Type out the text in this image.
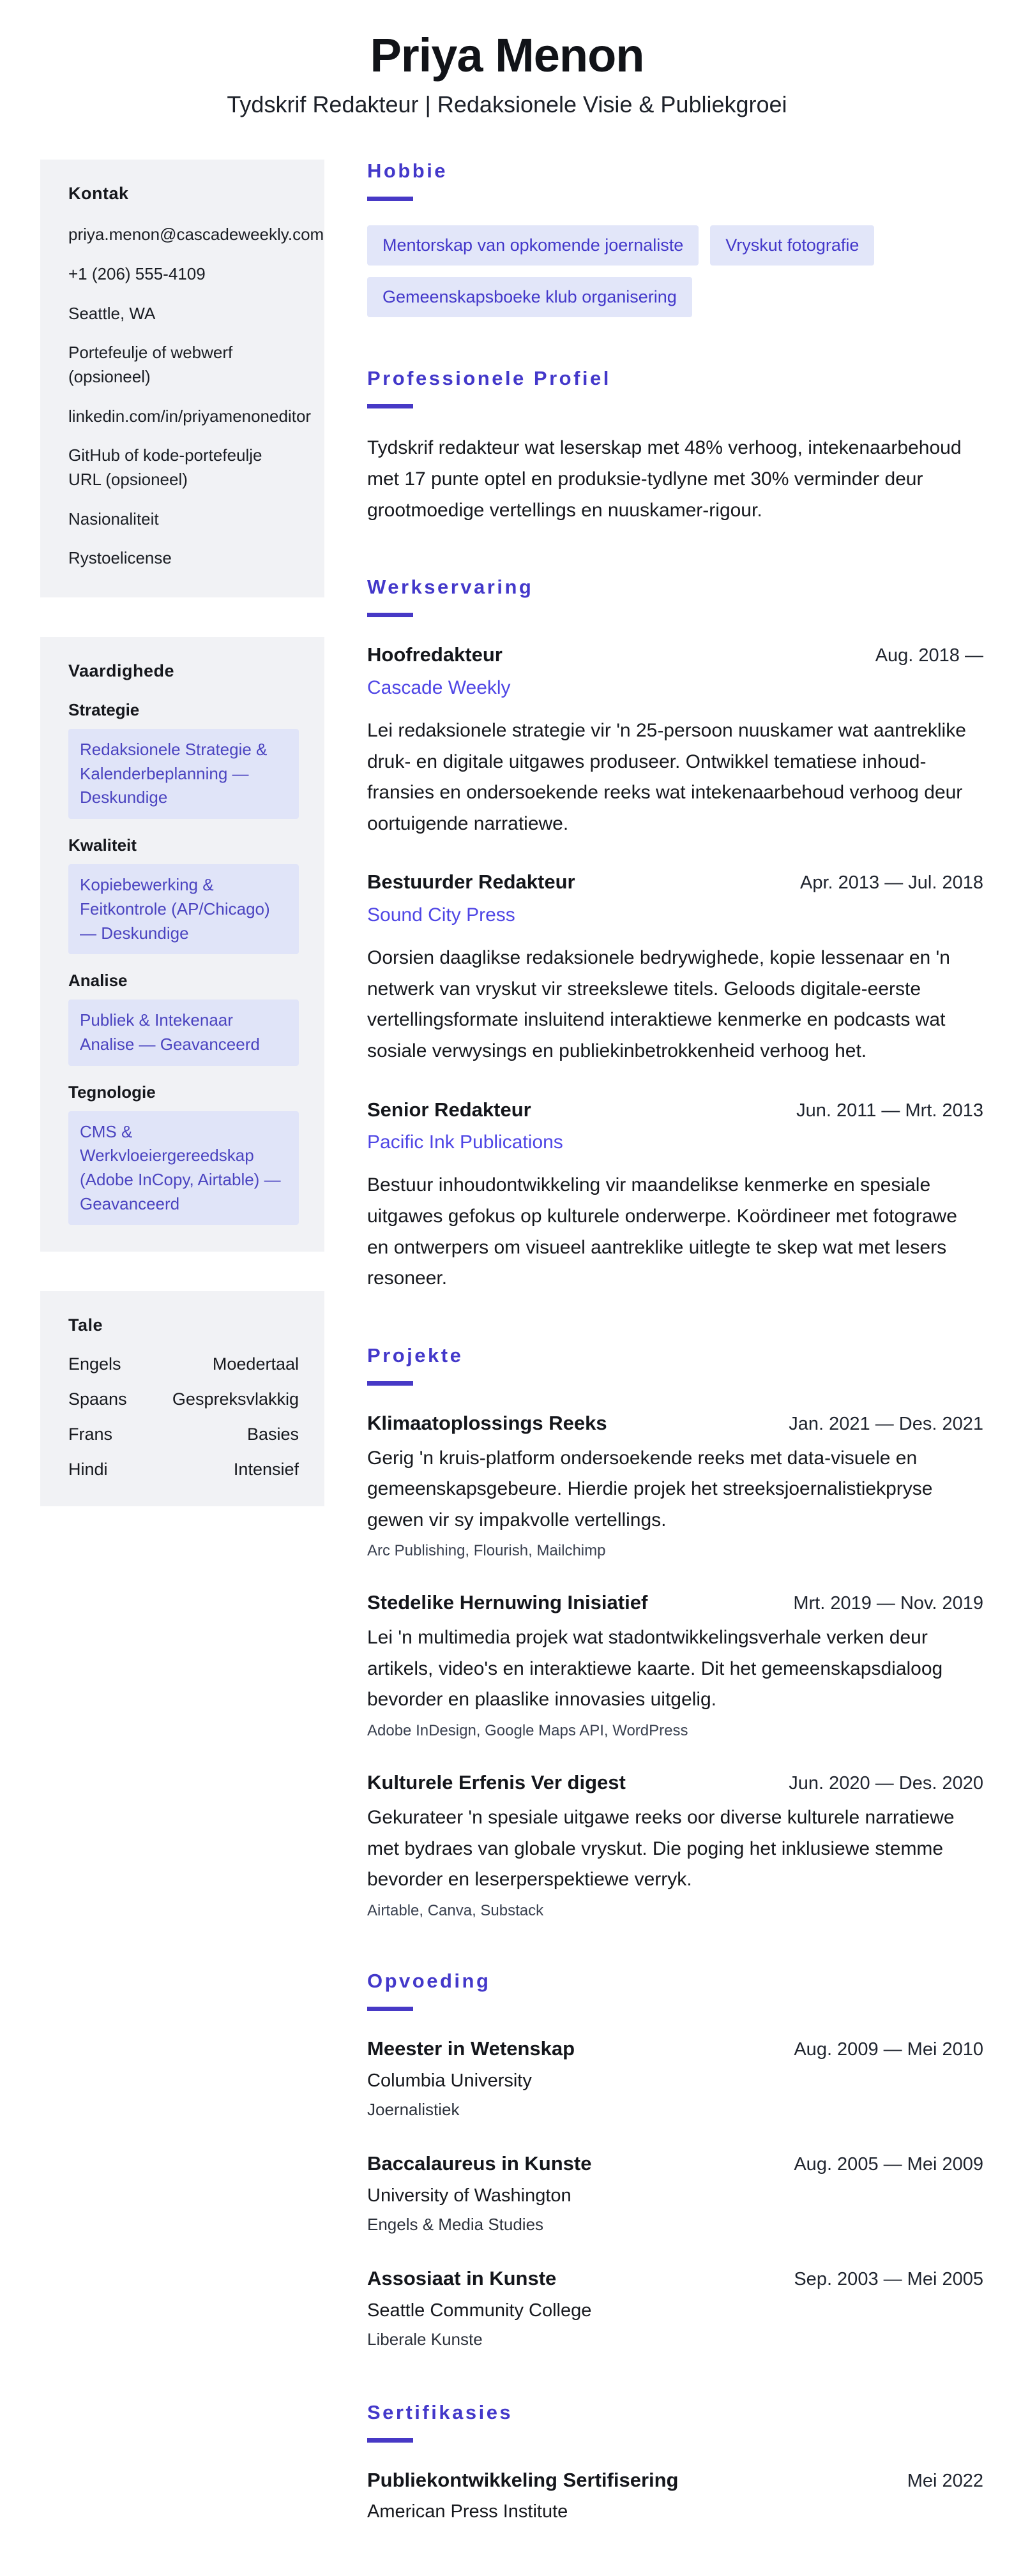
Priya Menon
Tydskrif Redakteur | Redaksionele Visie & Publiekgroei
Kontak
priya.menon@cascadeweekly.com
+1 (206) 555-4109
Seattle, WA
Portefeulje of webwerf (opsioneel)
linkedin.com/in/priyamenoneditor
GitHub of kode-portefeulje URL (opsioneel)
Nasionaliteit
Rystoelicense
Vaardighede
Strategie
Redaksionele Strategie & Kalenderbeplanning — Deskundige
Kwaliteit
Kopiebewerking & Feitkontrole (AP/Chicago) — Deskundige
Analise
Publiek & Intekenaar Analise — Geavanceerd
Tegnologie
CMS & Werkvloeiergereedskap (Adobe InCopy, Airtable) — Geavanceerd
Tale
Engels	Moedertaal
Spaans	Gespreksvlakkig
Frans	Basies
Hindi	Intensief
Hobbie
Mentorskap van opkomende joernaliste	Vryskut fotografie
Gemeenskapsboeke klub organisering
Professionele Profiel

Tydskrif redakteur wat leserskap met 48% verhoog, intekenaarbehoud met 17 punte optel en produksie-tydlyne met 30% verminder deur grootmoedige vertellings en nuuskamer-rigour.

Werkservaring
Hoofredakteur	Aug. 2018 —
Cascade Weekly

Lei redaksionele strategie vir 'n 25-persoon nuuskamer wat aantreklike druk- en digitale uitgawes produseer. Ontwikkel tematiese inhoud-fransies en ondersoekende reeks wat intekenaarbehoud verhoog deur oortuigende narratiewe.

Bestuurder Redakteur	Apr. 2013 — Jul. 2018
Sound City Press

Oorsien daaglikse redaksionele bedrywighede, kopie lessenaar en 'n netwerk van vryskut vir streekslewe titels. Geloods digitale-eerste vertellingsformate insluitend interaktiewe kenmerke en podcasts wat sosiale verwysings en publiekinbetrokkenheid verhoog het.

Senior Redakteur	Jun. 2011 — Mrt. 2013
Pacific Ink Publications

Bestuur inhoudontwikkeling vir maandelikse kenmerke en spesiale uitgawes gefokus op kulturele onderwerpe. Koördineer met fotograwe en ontwerpers om visueel aantreklike uitlegte te skep wat met lesers resoneer.

Projekte
Klimaatoplossings Reeks	Jan. 2021 — Des. 2021

Gerig 'n kruis-platform ondersoekende reeks met data-visuele en gemeenskapsgebeure. Hierdie projek het streeksjoernalistiekpryse gewen vir sy impakvolle vertellings.

Arc Publishing, Flourish, Mailchimp
Stedelike Hernuwing Inisiatief	Mrt. 2019 — Nov. 2019

Lei 'n multimedia projek wat stadontwikkelingsverhale verken deur artikels, video's en interaktiewe kaarte. Dit het gemeenskapsdialoog bevorder en plaaslike innovasies uitgelig.

Adobe InDesign, Google Maps API, WordPress
Kulturele Erfenis Ver digest	Jun. 2020 — Des. 2020

Gekurateer 'n spesiale uitgawe reeks oor diverse kulturele narratiewe met bydraes van globale vryskut. Die poging het inklusiewe stemme bevorder en leserperspektiewe verryk.

Airtable, Canva, Substack
Opvoeding
Meester in Wetenskap	Aug. 2009 — Mei 2010
Columbia University
Joernalistiek
Baccalaureus in Kunste	Aug. 2005 — Mei 2009
University of Washington
Engels & Media Studies
Assosiaat in Kunste	Sep. 2003 — Mei 2005
Seattle Community College
Liberale Kunste
Sertifikasies
Publiekontwikkeling Sertifisering	Mei 2022
American Press Institute
